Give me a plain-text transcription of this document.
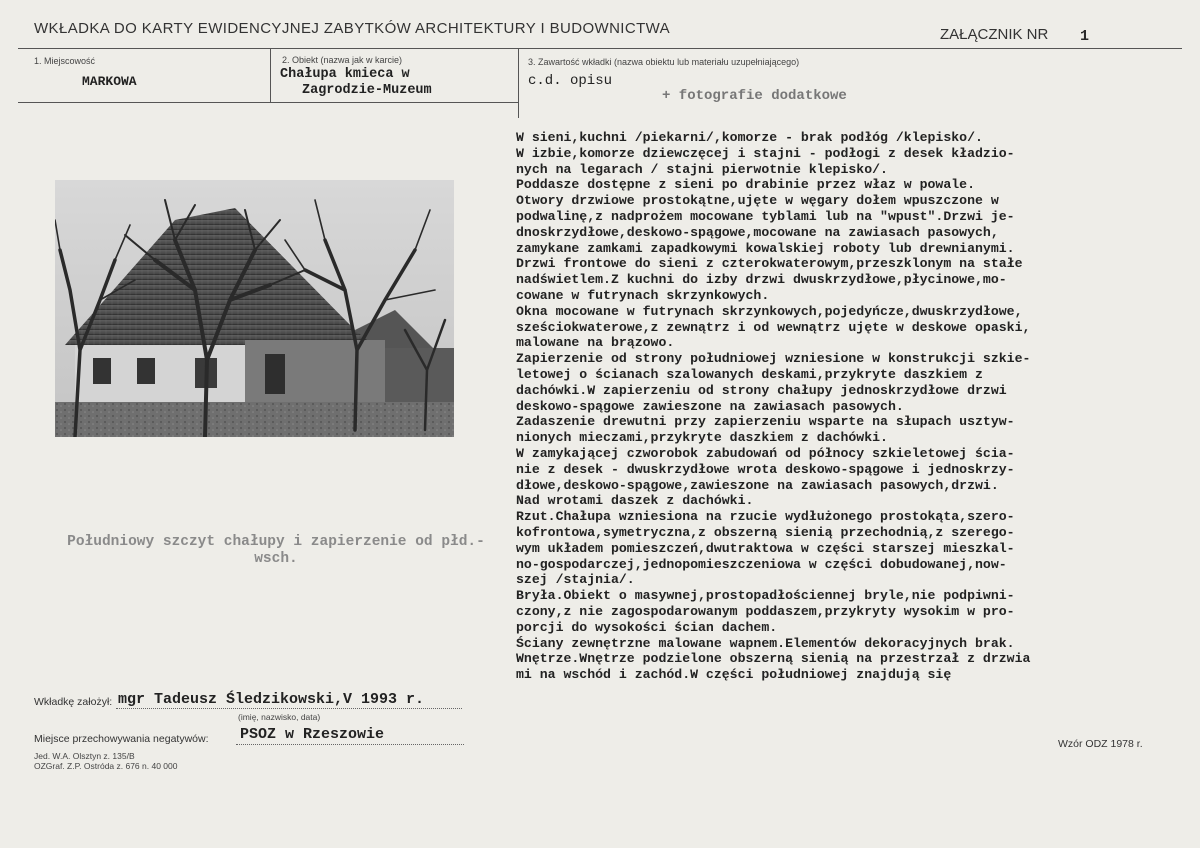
WKŁADKA DO KARTY EWIDENCYJNEJ ZABYTKÓW ARCHITEKTURY I BUDOWNICTWA	ZAŁĄCZNIK NR 1
1. Miejscowość
MARKOWA
2. Obiekt (nazwa jak w karcie)
Chałupa kmieca w
Zagrodzie-Muzeum
3. Zawartość wkładki (nazwa obiektu lub materiału uzupełniającego)
c.d. opisu
+ fotografie dodatkowe
Południowy szczyt chałupy i zapierzenie od płd.-wsch.
W sieni,kuchni /piekarni/,komorze - brak podłóg /klepisko/.
W izbie,komorze dziewczęcej i stajni - podłogi z desek kładzio-
nych na legarach / stajni pierwotnie klepisko/.
Poddasze dostępne z sieni po drabinie przez właz w powale.
Otwory drzwiowe prostokątne,ujęte w węgary dołem wpuszczone w
podwalinę,z nadprożem mocowane tyblami lub na "wpust".Drzwi je-
dnoskrzydłowe,deskowo-spągowe,mocowane na zawiasach pasowych,
zamykane zamkami zapadkowymi kowalskiej roboty lub drewnianymi.
Drzwi frontowe do sieni z czterokwaterowym,przeszklonym na stałe
nadświetlem.Z kuchni do izby drzwi dwuskrzydłowe,płycinowe,mo-
cowane w futrynach skrzynkowych.
Okna mocowane w futrynach skrzynkowych,pojedyńcze,dwuskrzydłowe,
sześciokwaterowe,z zewnątrz i od wewnątrz ujęte w deskowe opaski,
malowane na brązowo.
Zapierzenie od strony południowej wzniesione w konstrukcji szkie-
letowej o ścianach szalowanych deskami,przykryte daszkiem z
dachówki.W zapierzeniu od strony chałupy jednoskrzydłowe drzwi
deskowo-spągowe zawieszone na zawiasach pasowych.
Zadaszenie drewutni przy zapierzeniu wsparte na słupach usztyw-
nionych mieczami,przykryte daszkiem z dachówki.
W zamykającej czworobok zabudowań od północy szkieletowej ścia-
nie z desek - dwuskrzydłowe wrota deskowo-spągowe i jednoskrzy-
dłowe,deskowo-spągowe,zawieszone na zawiasach pasowych,drzwi.
Nad wrotami daszek z dachówki.
Rzut.Chałupa wzniesiona na rzucie wydłużonego prostokąta,szero-
kofrontowa,symetryczna,z obszerną sienią przechodnią,z szerego-
wym układem pomieszczeń,dwutraktowa w części starszej mieszkal-
no-gospodarczej,jednopomieszczeniowa w części dobudowanej,now-
szej /stajnia/.
Bryła.Obiekt o masywnej,prostopadłościennej bryle,nie podpiwni-
czony,z nie zagospodarowanym poddaszem,przykryty wysokim w pro-
porcji do wysokości ścian dachem.
Ściany zewnętrzne malowane wapnem.Elementów dekoracyjnych brak.
Wnętrze.Wnętrze podzielone obszerną sienią na przestrzał z drzwia
mi na wschód i zachód.W części południowej znajdują się
Wkładkę założył: mgr Tadeusz Śledzikowski,V 1993 r.
(imię, nazwisko, data)
Miejsce przechowywania negatywów: PSOZ w Rzeszowie
Jed. W.A. Olsztyn z. 135/B
OZGraf. Z.P. Ostróda z. 676 n. 40 000
Wzór ODZ 1978 r.
